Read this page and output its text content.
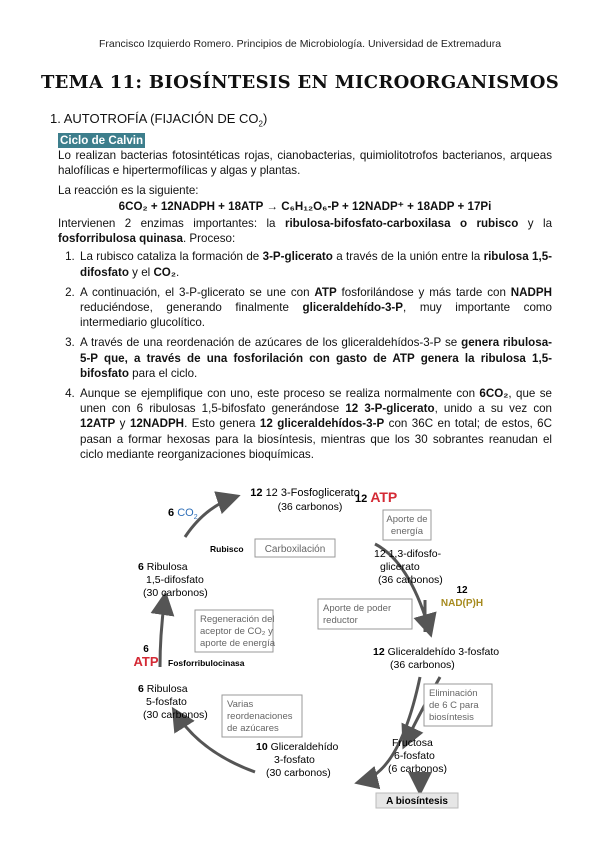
Francisco Izquierdo Romero. Principios de Microbiología. Universidad de Extremadura
TEMA 11: BIOSÍNTESIS EN MICROORGANISMOS
1. AUTOTROFÍA (FIJACIÓN DE $CO_2$)
Ciclo de Calvin

Lo realizan bacterias fotosintéticas rojas, cianobacterias, quimiolitotrofos bacterianos, arqueas halofílicas e hipertermofílicas y algas y plantas.

La reacción es la siguiente:

6CO₂ + 12NADPH + 18ATP → C₆H₁₂O₆-P + 12NADP⁺ + 18ADP + 17Pi

Intervienen 2 enzimas importantes: la ribulosa-bifosfato-carboxilasa o rubisco y la fosforribulosa quinasa. Proceso:

1. La rubisco cataliza la formación de 3-P-glicerato a través de la unión entre la ribulosa 1,5-difosfato y el CO₂.
2. A continuación, el 3-P-glicerato se une con ATP fosforilándose y más tarde con NADPH reduciéndose, generando finalmente gliceraldehído-3-P, muy importante como intermediario glucolítico.
3. A través de una reordenación de azúcares de los gliceraldehídos-3-P se genera ribulosa-5-P que, a través de una fosforilación con gasto de ATP genera la ribulosa 1,5-bifosfato para el ciclo.
4. Aunque se ejemplifique con uno, este proceso se realiza normalmente con 6CO₂, que se unen con 6 ribulosas 1,5-bifosfato generándose 12 3-P-glicerato, unido a su vez con 12ATP y 12NADPH. Esto genera 12 gliceraldehídos-3-P con 36C en total; de estos, 6C pasan a formar hexosas para la biosíntesis, mientras que los 30 sobrantes reanudan el ciclo mediante reorganizaciones bioquímicas.
12 12 3-Fosfoglicerato
(36 carbonos)
6 $CO_2$
Rubisco Carboxilación
12 ATP
Aporte de
energía
12 1,3-difosfo-
glicerato
(36 carbonos)
12
NAD(P)H
Aporte de poder
reductor
12 Gliceraldehído 3-fosfato
(36 carbonos)
6 Ribulosa
1,5-difosfato
(30 carbonos)
Regeneración del
aceptor de CO₂ y
aporte de energía
6
ATP Fosforribulocinasa
6 Ribulosa
5-fosfato
(30 carbonos)
Varias
reordenaciones
de azúcares
Eliminación
de 6 C para
biosíntesis
Fructosa
6-fosfato
(6 carbonos)
10 Gliceraldehído
3-fosfato
(30 carbonos)
A biosíntesis
